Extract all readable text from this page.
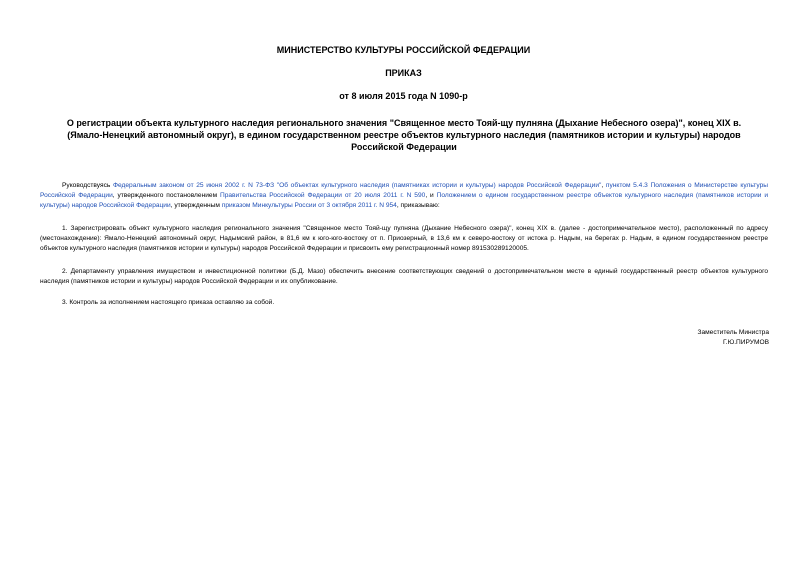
МИНИСТЕРСТВО КУЛЬТУРЫ РОССИЙСКОЙ ФЕДЕРАЦИИ
ПРИКАЗ
от 8 июля 2015 года N 1090-р
О регистрации объекта культурного наследия регионального значения "Священное место Тояй-щу пулняна (Дыхание Небесного озера)", конец XIX в. (Ямало-Ненецкий автономный округ), в едином государственном реестре объектов культурного наследия (памятников истории и культуры) народов Российской Федерации
Руководствуясь Федеральным законом от 25 июня 2002 г. N 73-ФЗ "Об объектах культурного наследия (памятниках истории и культуры) народов Российской Федерации", пунктом 5.4.3 Положения о Министерстве культуры Российской Федерации, утвержденного постановлением Правительства Российской Федерации от 20 июля 2011 г. N 590, и Положением о едином государственном реестре объектов культурного наследия (памятников истории и культуры) народов Российской Федерации, утвержденным приказом Минкультуры России от 3 октября 2011 г. N 954, приказываю:
1. Зарегистрировать объект культурного наследия регионального значения "Священное место Тояй-щу пулняна (Дыхание Небесного озера)", конец XIX в. (далее - достопримечательное место), расположенный по адресу (местонахождение): Ямало-Ненецкий автономный округ, Надымский район, в 81,6 км к юго-юго-востоку от п. Приозерный, в 13,6 км к северо-востоку от истока р. Надым, на берегах р. Надым, в едином государственном реестре объектов культурного наследия (памятников истории и культуры) народов Российской Федерации и присвоить ему регистрационный номер 891530289120005.
2. Департаменту управления имуществом и инвестиционной политики (Б.Д. Мазо) обеспечить внесение соответствующих сведений о достопримечательном месте в единый государственный реестр объектов культурного наследия (памятников истории и культуры) народов Российской Федерации и их опубликование.
3. Контроль за исполнением настоящего приказа оставляю за собой.
Заместитель Министра
Г.Ю.ПИРУМОВ
